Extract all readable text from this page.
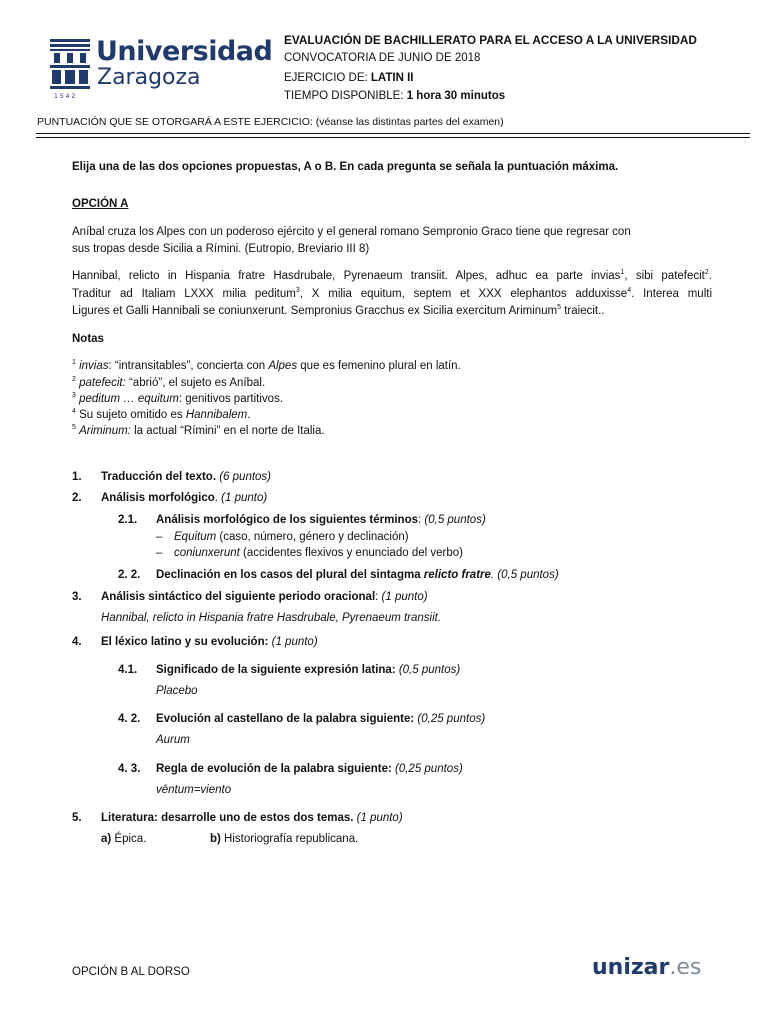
Universidad
Zaragoza
1542
EVALUACIÓN DE BACHILLERATO PARA EL ACCESO A LA UNIVERSIDAD
CONVOCATORIA DE JUNIO DE 2018
EJERCICIO DE: LATIN II
TIEMPO DISPONIBLE: 1 hora 30 minutos
PUNTUACIÓN QUE SE OTORGARÁ A ESTE EJERCICIO: (véanse las distintas partes del examen)
Elija una de las dos opciones propuestas, A o B. En cada pregunta se señala la puntuación máxima.
OPCIÓN A
Aníbal cruza los Alpes con un poderoso ejército y el general romano Sempronio Graco tiene que regresar con
sus tropas desde Sicilia a Rímini. (Eutropio, Breviario III 8)
Hannibal, relicto in Hispania fratre Hasdrubale, Pyrenaeum transiit. Alpes, adhuc ea parte invias$^1$, sibi patefecit$^2$.
Traditur ad Italiam LXXX milia peditum$^3$, X milia equitum, septem et XXX elephantos adduxisse$^4$. Interea multi
Ligures et Galli Hannibali se coniunxerunt. Sempronius Gracchus ex Sicilia exercitum Ariminum$^5$ traiecit..
Notas
$^1$ invias: “intransitables”, concierta con Alpes que es femenino plural en latín.
$^2$ patefecit: “abrió”, el sujeto es Aníbal.
$^3$ peditum … equitum: genitivos partitivos.
$^4$ Su sujeto omitido es Hannibalem.
$^5$ Ariminum: la actual “Rímini” en el norte de Italia.
1. Traducción del texto. (6 puntos)
2. Análisis morfológico. (1 punto)
2.1. Análisis morfológico de los siguientes términos: (0,5 puntos)
– Equitum (caso, número, género y declinación)
– coniunxerunt (accidentes flexivos y enunciado del verbo)
2. 2. Declinación en los casos del plural del sintagma relicto fratre. (0,5 puntos)
3. Análisis sintáctico del siguiente periodo oracional: (1 punto)
Hannibal, relicto in Hispania fratre Hasdrubale, Pyrenaeum transiit.
4. El léxico latino y su evolución: (1 punto)
4.1. Significado de la siguiente expresión latina: (0,5 puntos)
Placebo
4. 2. Evolución al castellano de la palabra siguiente: (0,25 puntos)
Aurum
4. 3. Regla de evolución de la palabra siguiente: (0,25 puntos)
vēntum=viento
5. Literatura: desarrolle uno de estos dos temas. (1 punto)
a) Épica.	b) Historiografía republicana.
OPCIÓN B AL DORSO	unizar.es
